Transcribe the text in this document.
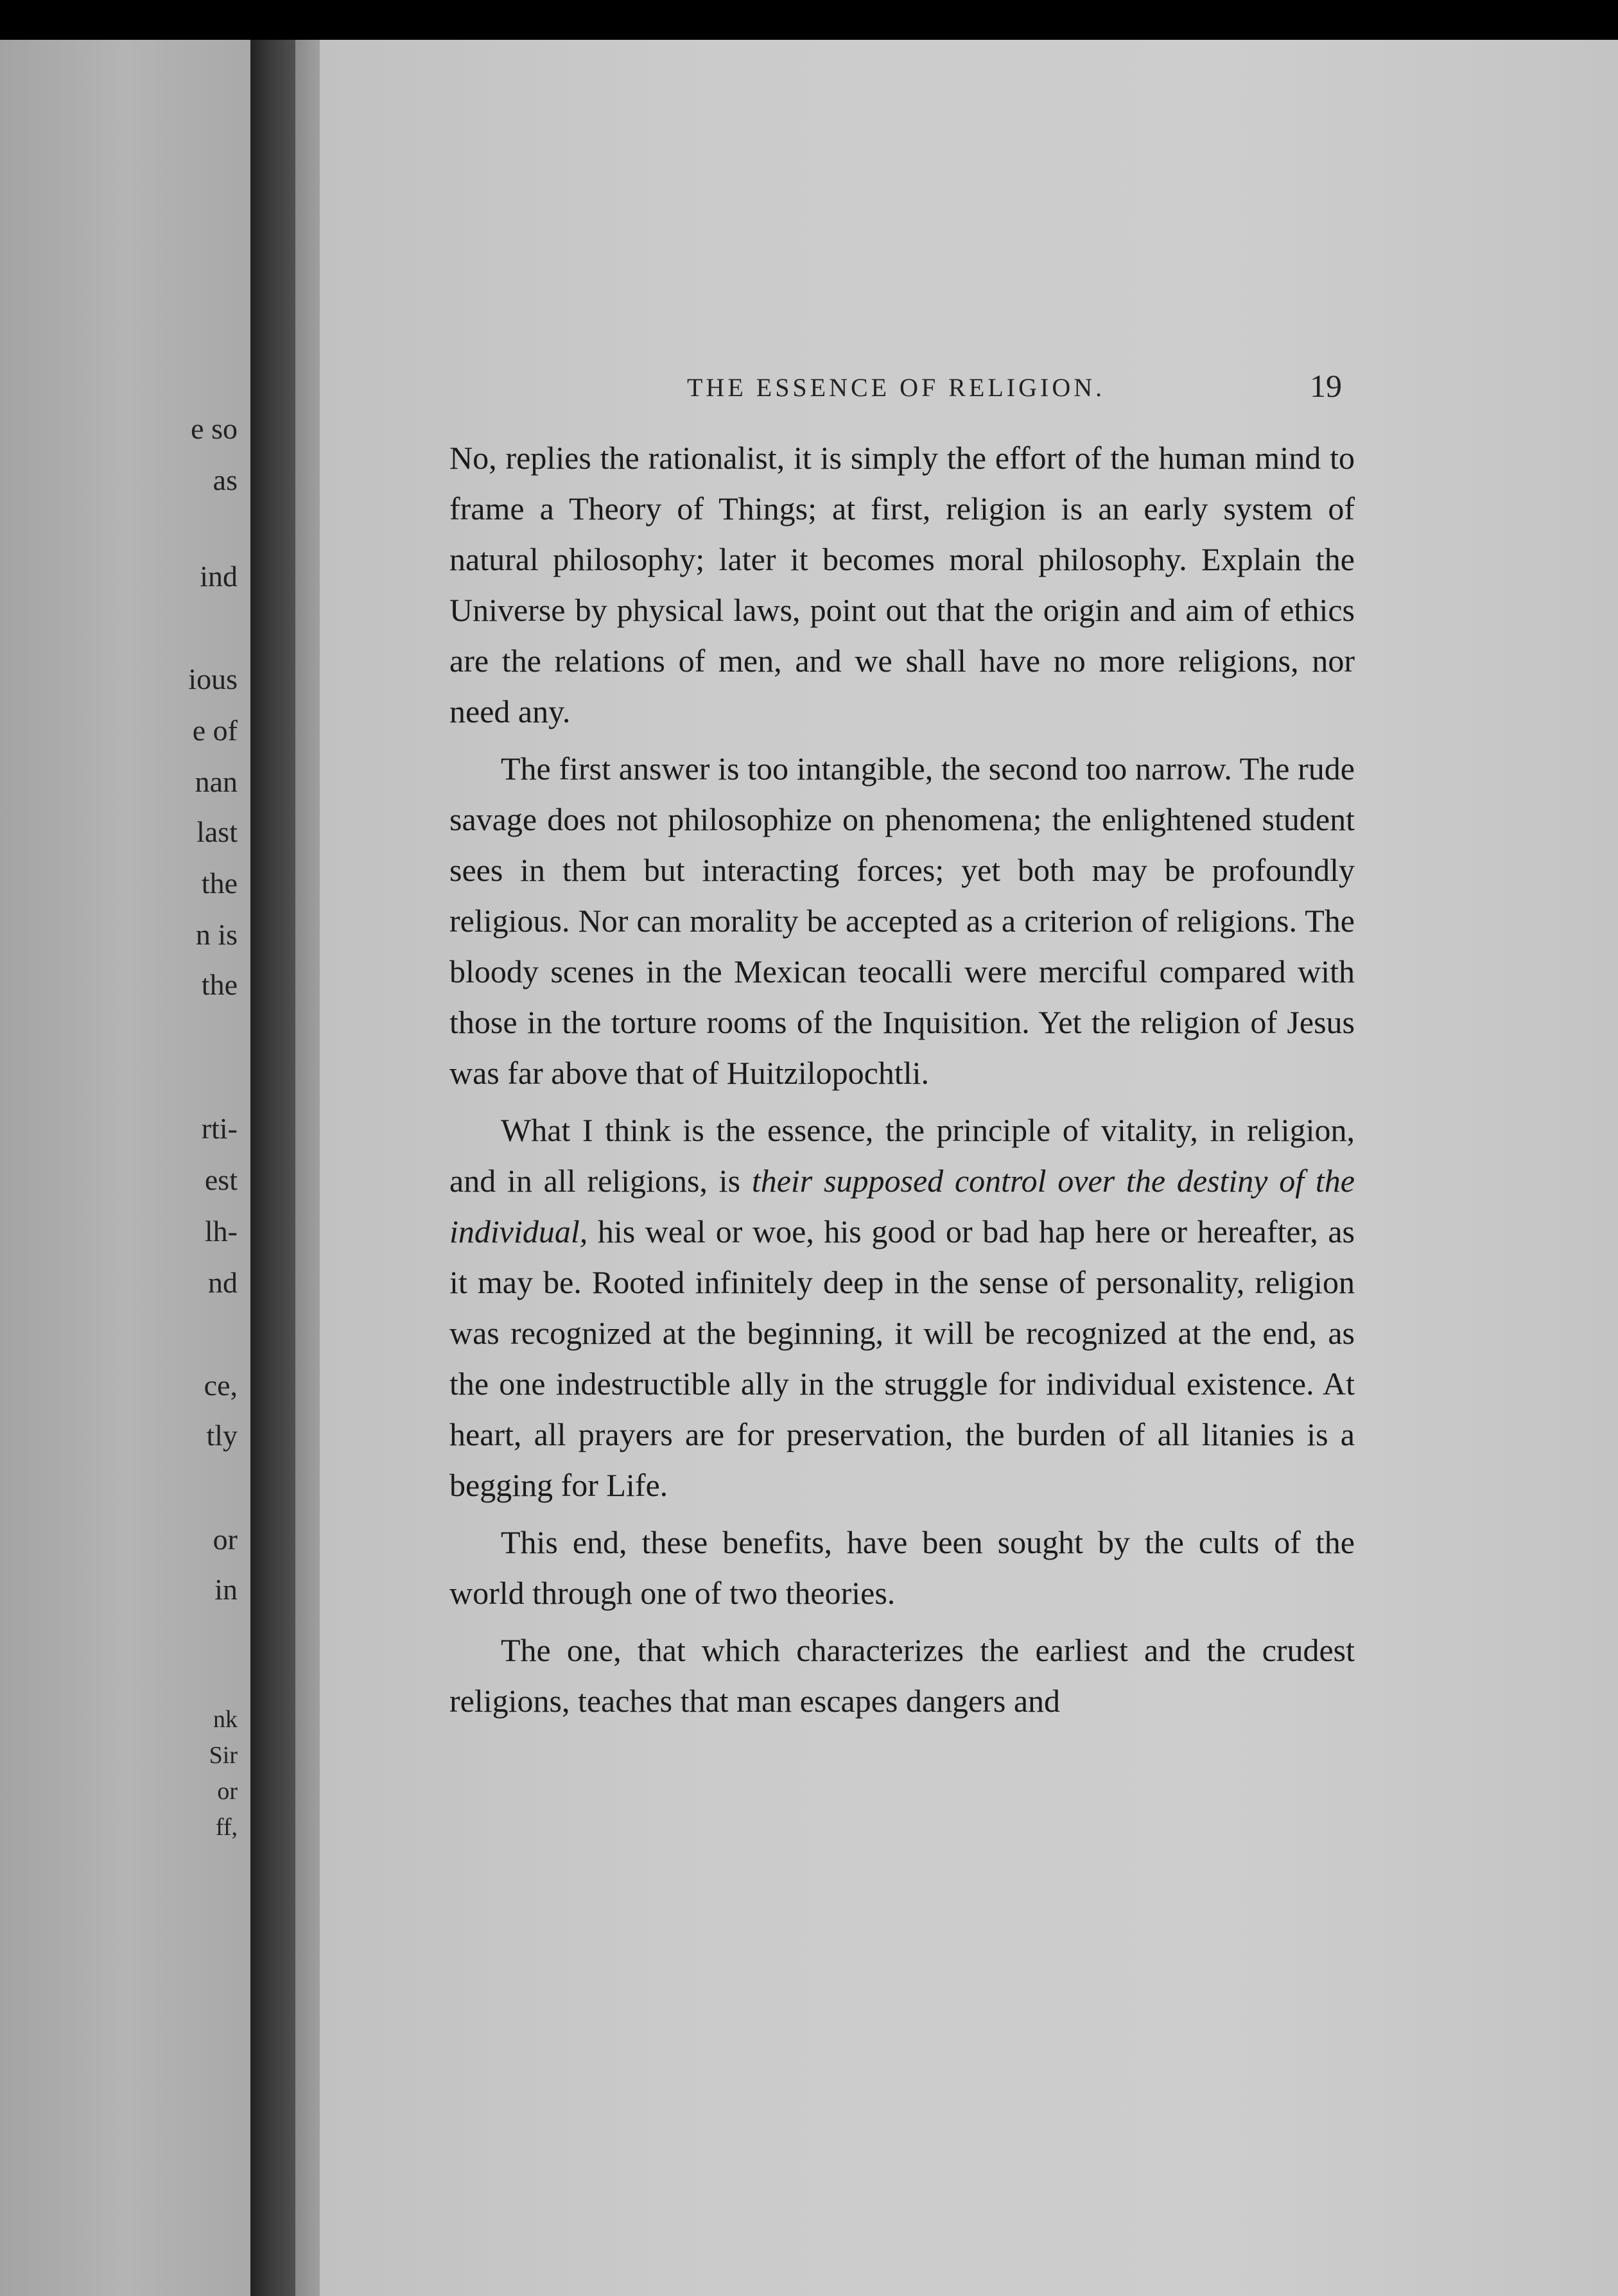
e so
as
ind
ious
e of
nan
last
the
n is
the
rti-
est
lh-
nd
ce,
tly
or
in
nk
Sir
or
ff,
THE ESSENCE OF RELIGION.	19

No, replies the rationalist, it is simply the effort of the human mind to frame a Theory of Things; at first, religion is an early system of natural philosophy; later it becomes moral philosophy. Explain the Universe by physical laws, point out that the origin and aim of ethics are the relations of men, and we shall have no more religions, nor need any.

The first answer is too intangible, the second too narrow. The rude savage does not philosophize on phenomena; the enlightened student sees in them but interacting forces; yet both may be profoundly religious. Nor can morality be accepted as a criterion of religions. The bloody scenes in the Mexican teocalli were merciful compared with those in the torture rooms of the Inquisition. Yet the religion of Jesus was far above that of Huitzilopochtli.

What I think is the essence, the principle of vitality, in religion, and in all religions, is their supposed control over the destiny of the individual, his weal or woe, his good or bad hap here or hereafter, as it may be. Rooted infinitely deep in the sense of personality, religion was recognized at the beginning, it will be recognized at the end, as the one indestructible ally in the struggle for individual existence. At heart, all prayers are for preservation, the burden of all litanies is a begging for Life.

This end, these benefits, have been sought by the cults of the world through one of two theories.

The one, that which characterizes the earliest and the crudest religions, teaches that man escapes dangers and
